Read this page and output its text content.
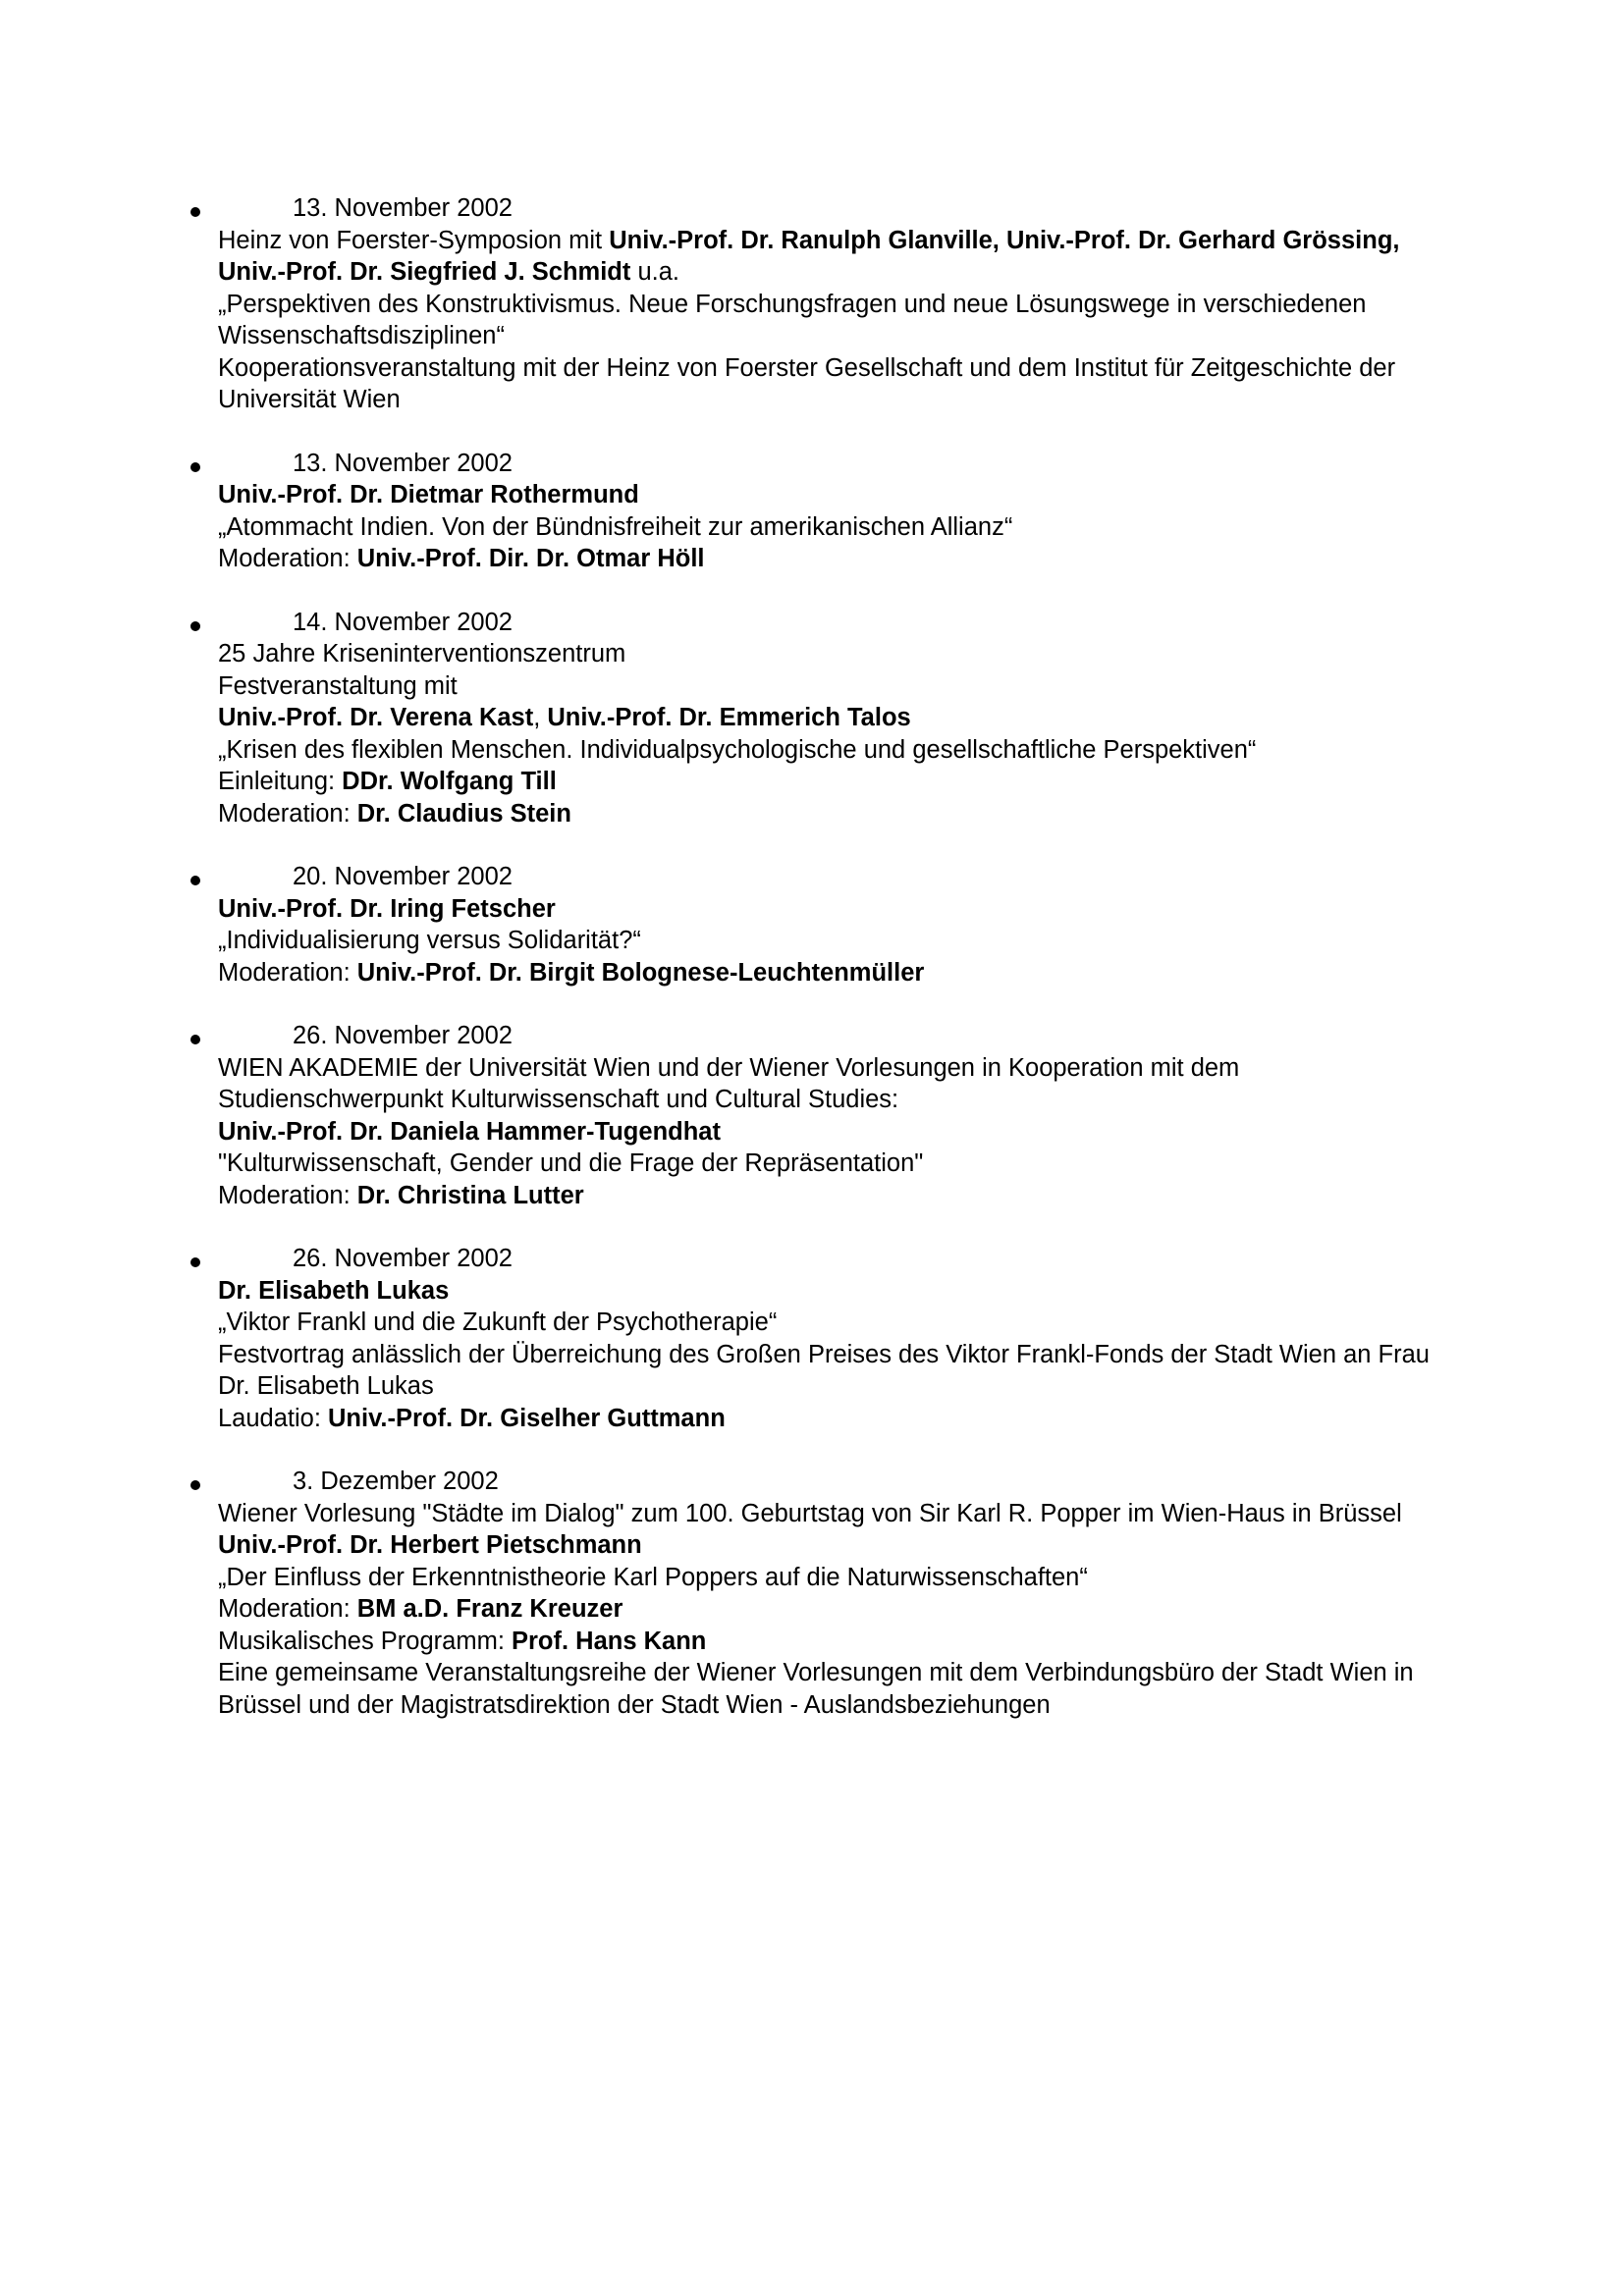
13. November 2002
Heinz von Foerster-Symposion mit Univ.-Prof. Dr. Ranulph Glanville, Univ.-Prof. Dr. Gerhard Grössing, Univ.-Prof. Dr. Siegfried J. Schmidt u.a.
„Perspektiven des Konstruktivismus. Neue Forschungsfragen und neue Lösungswege in verschiedenen Wissenschaftsdisziplinen“
Kooperationsveranstaltung mit der Heinz von Foerster Gesellschaft und dem Institut für Zeitgeschichte der Universität Wien
13. November 2002
Univ.-Prof. Dr. Dietmar Rothermund
„Atommacht Indien. Von der Bündnisfreiheit zur amerikanischen Allianz“
Moderation: Univ.-Prof. Dir. Dr. Otmar Höll
14. November 2002
25 Jahre Kriseninterventionszentrum
Festveranstaltung mit
Univ.-Prof. Dr. Verena Kast, Univ.-Prof. Dr. Emmerich Talos
„Krisen des flexiblen Menschen. Individualpsychologische und gesellschaftliche Perspektiven“
Einleitung: DDr. Wolfgang Till
Moderation: Dr. Claudius Stein
20. November 2002
Univ.-Prof. Dr. Iring Fetscher
„Individualisierung versus Solidarität?“
Moderation: Univ.-Prof. Dr. Birgit Bolognese-Leuchtenmüller
26. November 2002
WIEN AKADEMIE der Universität Wien und der Wiener Vorlesungen in Kooperation mit dem Studienschwerpunkt Kulturwissenschaft und Cultural Studies:
Univ.-Prof. Dr. Daniela Hammer-Tugendhat
"Kulturwissenschaft, Gender und die Frage der Repräsentation"
Moderation: Dr. Christina Lutter
26. November 2002
Dr. Elisabeth Lukas
„Viktor Frankl und die Zukunft der Psychotherapie“
Festvortrag anlässlich der Überreichung des Großen Preises des Viktor Frankl-Fonds der Stadt Wien an Frau Dr. Elisabeth Lukas
Laudatio: Univ.-Prof. Dr. Giselher Guttmann
3. Dezember 2002
Wiener Vorlesung "Städte im Dialog" zum 100. Geburtstag von Sir Karl R. Popper im Wien-Haus in Brüssel
Univ.-Prof. Dr. Herbert Pietschmann
„Der Einfluss der Erkenntnistheorie Karl Poppers auf die Naturwissenschaften“
Moderation: BM a.D. Franz Kreuzer
Musikalisches Programm: Prof. Hans Kann
Eine gemeinsame Veranstaltungsreihe der Wiener Vorlesungen mit dem Verbindungsbüro der Stadt Wien in Brüssel und der Magistratsdirektion der Stadt Wien - Auslandsbeziehungen
